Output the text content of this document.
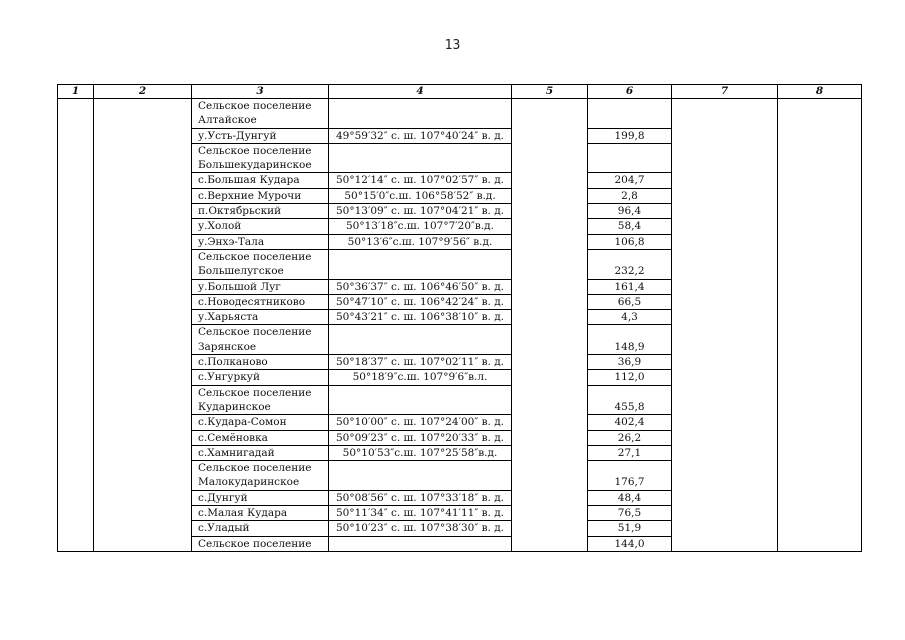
13
1	2	3	4	5	6	7	8
		Сельское поселение Алтайское					
		у.Усть-Дунгуй	49°59′32″ с. ш. 107°40′24″ в. д.		199,8		
		Сельское поселение Большекударинское					
		с.Большая Кудара	50°12′14″ с. ш. 107°02′57″ в. д.		204,7		
		с.Верхние Мурочи	50°15′0″с.ш. 106°58′52″ в.д.		2,8		
		п.Октябрьский	50°13′09″ с. ш. 107°04′21″ в. д.		96,4		
		у.Холой	50°13′18″с.ш. 107°7′20″в.д.		58,4		
		у.Энхэ-Тала	50°13′6″с.ш. 107°9′56″ в.д.		106,8		
		Сельское поселение Большелугское			232,2		
		у.Большой Луг	50°36′37″ с. ш. 106°46′50″ в. д.		161,4		
		с.Новодесятниково	50°47′10″ с. ш. 106°42′24″ в. д.		66,5		
		у.Харьяста	50°43′21″ с. ш. 106°38′10″ в. д.		4,3		
		Сельское поселение Зарянское			148,9		
		с.Полканово	50°18′37″ с. ш. 107°02′11″ в. д.		36,9		
		с.Унгуркуй	50°18′9″с.ш. 107°9′6″в.л.		112,0		
		Сельское поселение Кударинское			455,8		
		с.Кудара-Сомон	50°10′00″ с. ш. 107°24′00″ в. д.		402,4		
		с.Семёновка	50°09′23″ с. ш. 107°20′33″ в. д.		26,2		
		с.Хамнигадай	50°10′53″с.ш. 107°25′58″в.д.		27,1		
		Сельское поселение Малокударинское			176,7		
		с.Дунгуй	50°08′56″ с. ш. 107°33′18″ в. д.		48,4		
		с.Малая Кудара	50°11′34″ с. ш. 107°41′11″ в. д.		76,5		
		с.Уладый	50°10′23″ с. ш. 107°38′30″ в. д.		51,9		
		Сельское поселение			144,0		
